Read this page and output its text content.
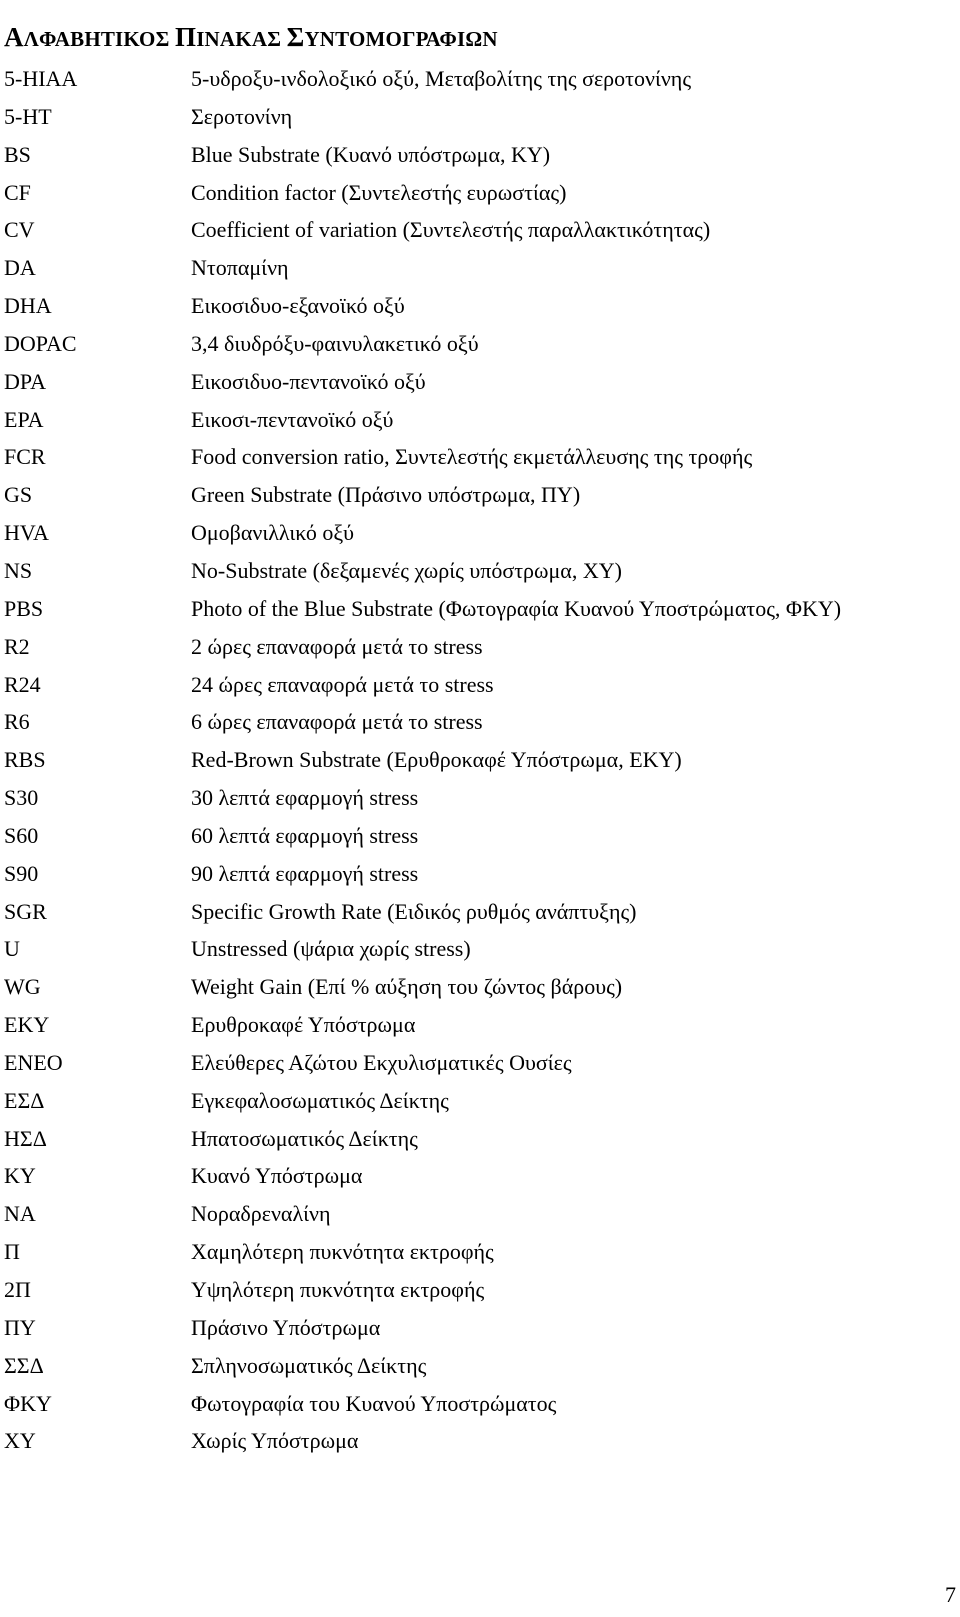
ΑΛΦΑΒΗΤΙΚΟΣ ΠΙΝΑΚΑΣ ΣΥΝΤΟΜΟΓΡΑΦΙΩΝ
5-HIAA	5-υδροξυ-ινδολοξικό οξύ, Μεταβολίτης της σεροτονίνης
5-HT	Σεροτονίνη
BS	Blue Substrate (Κυανό υπόστρωμα, ΚΥ)
CF	Condition factor (Συντελεστής ευρωστίας)
CV	Coefficient of variation (Συντελεστής παραλλακτικότητας)
DA	Ντοπαμίνη
DHA	Εικοσιδυο-εξανοϊκό οξύ
DOPAC	3,4 διυδρόξυ-φαινυλακετικό οξύ
DPA	Εικοσιδυο-πεντανοϊκό οξύ
EPA	Εικοσι-πεντανοϊκό οξύ
FCR	Food conversion ratio, Συντελεστής εκμετάλλευσης της τροφής
GS	Green Substrate (Πράσινο υπόστρωμα, ΠΥ)
HVA	Ομοβανιλλικό οξύ
NS	No-Substrate (δεξαμενές χωρίς υπόστρωμα, ΧΥ)
PBS	Photo of the Blue Substrate (Φωτογραφία Κυανού Υποστρώματος, ΦΚΥ)
R2	2 ώρες επαναφορά μετά το stress
R24	24 ώρες επαναφορά μετά το stress
R6	6 ώρες επαναφορά μετά το stress
RBS	Red-Brown Substrate (Ερυθροκαφέ Υπόστρωμα, ΕΚΥ)
S30	30 λεπτά εφαρμογή stress
S60	60 λεπτά εφαρμογή stress
S90	90 λεπτά εφαρμογή stress
SGR	Specific Growth Rate (Ειδικός ρυθμός ανάπτυξης)
U	Unstressed (ψάρια χωρίς stress)
WG	Weight Gain (Επί % αύξηση του ζώντος βάρους)
ΕΚΥ	Ερυθροκαφέ Υπόστρωμα
ΕΝΕΟ	Ελεύθερες Αζώτου Εκχυλισματικές Ουσίες
ΕΣΔ	Εγκεφαλοσωματικός Δείκτης
ΗΣΔ	Ηπατοσωματικός Δείκτης
ΚΥ	Κυανό Υπόστρωμα
ΝΑ	Νοραδρεναλίνη
Π	Χαμηλότερη πυκνότητα εκτροφής
2Π	Υψηλότερη πυκνότητα εκτροφής
ΠΥ	Πράσινο Υπόστρωμα
ΣΣΔ	Σπληνοσωματικός Δείκτης
ΦΚΥ	Φωτογραφία του Κυανού Υποστρώματος
ΧΥ	Χωρίς Υπόστρωμα
7
